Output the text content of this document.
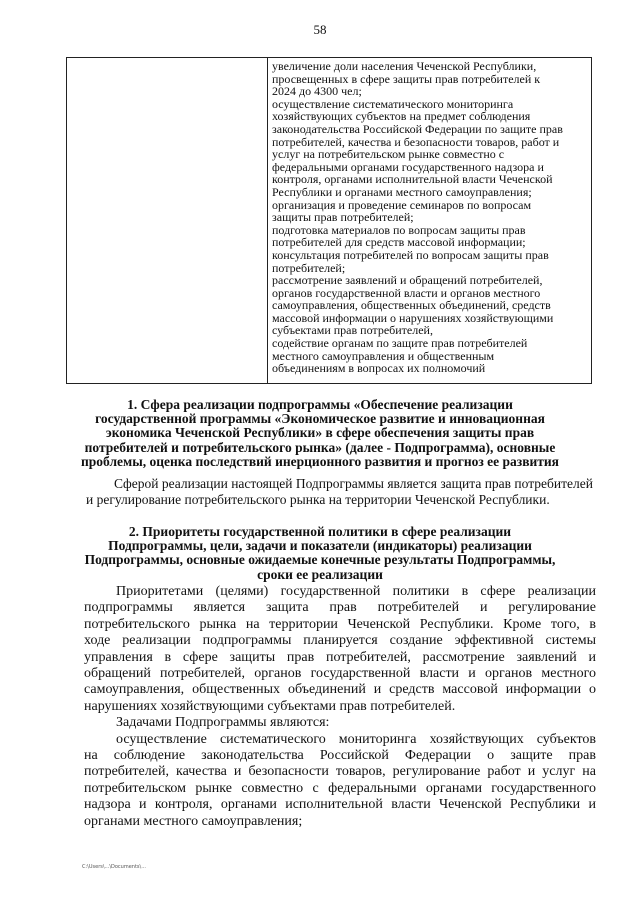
58
увеличение доли населения Чеченской Республики,
просвещенных в сфере защиты прав потребителей к
2024 до 4300 чел;
осуществление систематического мониторинга
хозяйствующих субъектов на предмет соблюдения
законодательства Российской Федерации по защите прав
потребителей, качества и безопасности товаров, работ и
услуг на потребительском рынке совместно с
федеральными органами государственного надзора и
контроля, органами исполнительной власти Чеченской
Республики и органами местного самоуправления;
организация и проведение семинаров по вопросам
защиты прав потребителей;
подготовка материалов по вопросам защиты прав
потребителей для средств массовой информации;
консультация потребителей по вопросам защиты прав
потребителей;
рассмотрение заявлений и обращений потребителей,
органов государственной власти и органов местного
самоуправления, общественных объединений, средств
массовой информации о нарушениях хозяйствующими
субъектами прав потребителей,
содействие органам по защите прав потребителей
местного самоуправления и общественным
объединениям в вопросах их полномочий
1. Сфера реализации подпрограммы «Обеспечение реализации
государственной программы «Экономическое развитие и инновационная
экономика Чеченской Республики» в сфере обеспечения защиты прав
потребителей и потребительского рынка» (далее - Подпрограмма), основные
проблемы, оценка последствий инерционного развития и прогноз ее развития
Сферой реализации настоящей Подпрограммы является защита прав потребителей
и регулирование потребительского рынка на территории Чеченской Республики.
2. Приоритеты государственной политики в сфере реализации
Подпрограммы, цели, задачи и показатели (индикаторы) реализации
Подпрограммы, основные ожидаемые конечные результаты Подпрограммы,
сроки ее реализации
Приоритетами (целями) государственной политики в сфере реализации
подпрограммы является защита прав потребителей и регулирование
потребительского рынка на территории Чеченской Республики. Кроме того, в
ходе реализации подпрограммы планируется создание эффективной системы
управления в сфере защиты прав потребителей, рассмотрение заявлений и
обращений потребителей, органов государственной власти и органов местного
самоуправления, общественных объединений и средств массовой информации о
нарушениях хозяйствующими субъектами прав потребителей.
Задачами Подпрограммы являются:
осуществление систематического мониторинга хозяйствующих субъектов
на соблюдение законодательства Российской Федерации о защите прав
потребителей, качества и безопасности товаров, регулирование работ и услуг на
потребительском рынке совместно с федеральными органами государственного
надзора и контроля, органами исполнительной власти Чеченской Республики и
органами местного самоуправления;
C:\Users\...\Documents\...
